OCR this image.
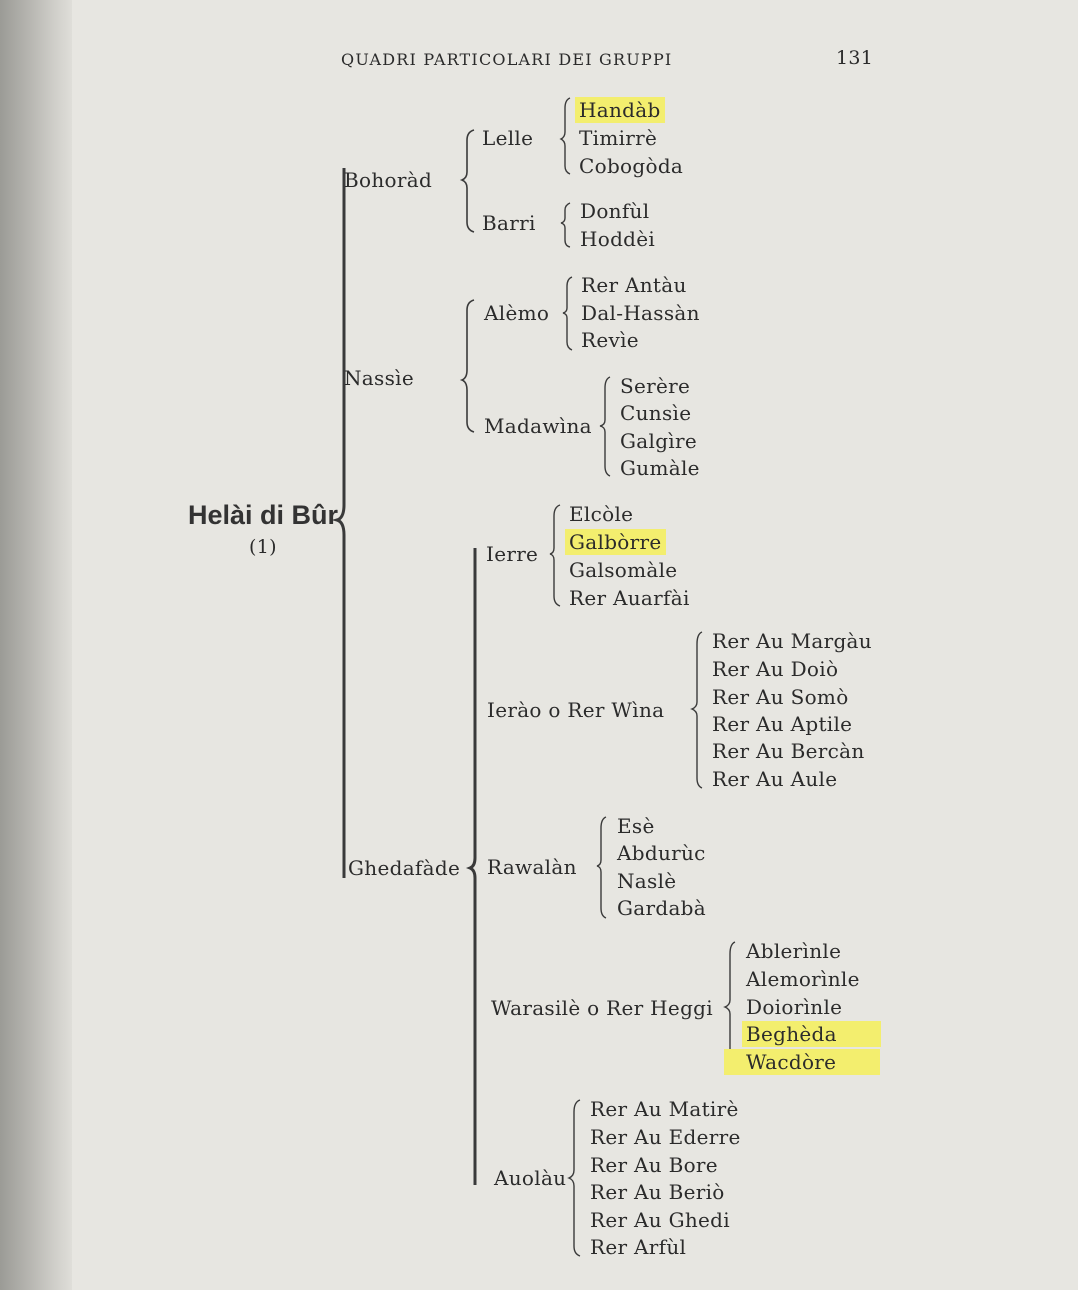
QUADRI PARTICOLARI DEI GRUPPI	131
Helài di Bûr
(1)
Bohoràd
Nassìe
Ghedafàde
Lelle
Barri
Alèmo
Madawìna
Ierre
Ierào o Rer Wìna
Rawalàn
Warasilè o Rer Heggi
Auolàu
Handàb
Timirrè
Cobogòda
Donfùl
Hoddèi
Rer Antàu
Dal-Hassàn
Revìe
Serère
Cunsìe
Galgìre
Gumàle
Elcòle
Galbòrre
Galsomàle
Rer Auarfài
Rer Au Margàu
Rer Au Doiò
Rer Au Somò
Rer Au Aptile
Rer Au Bercàn
Rer Au Aule
Esè
Abdurùc
Naslè
Gardabà
Ablerìnle
Alemorìnle
Doiorìnle
Beghèda
Wacdòre
Rer Au Matirè
Rer Au Ederre
Rer Au Bore
Rer Au Beriò
Rer Au Ghedi
Rer Arfùl
